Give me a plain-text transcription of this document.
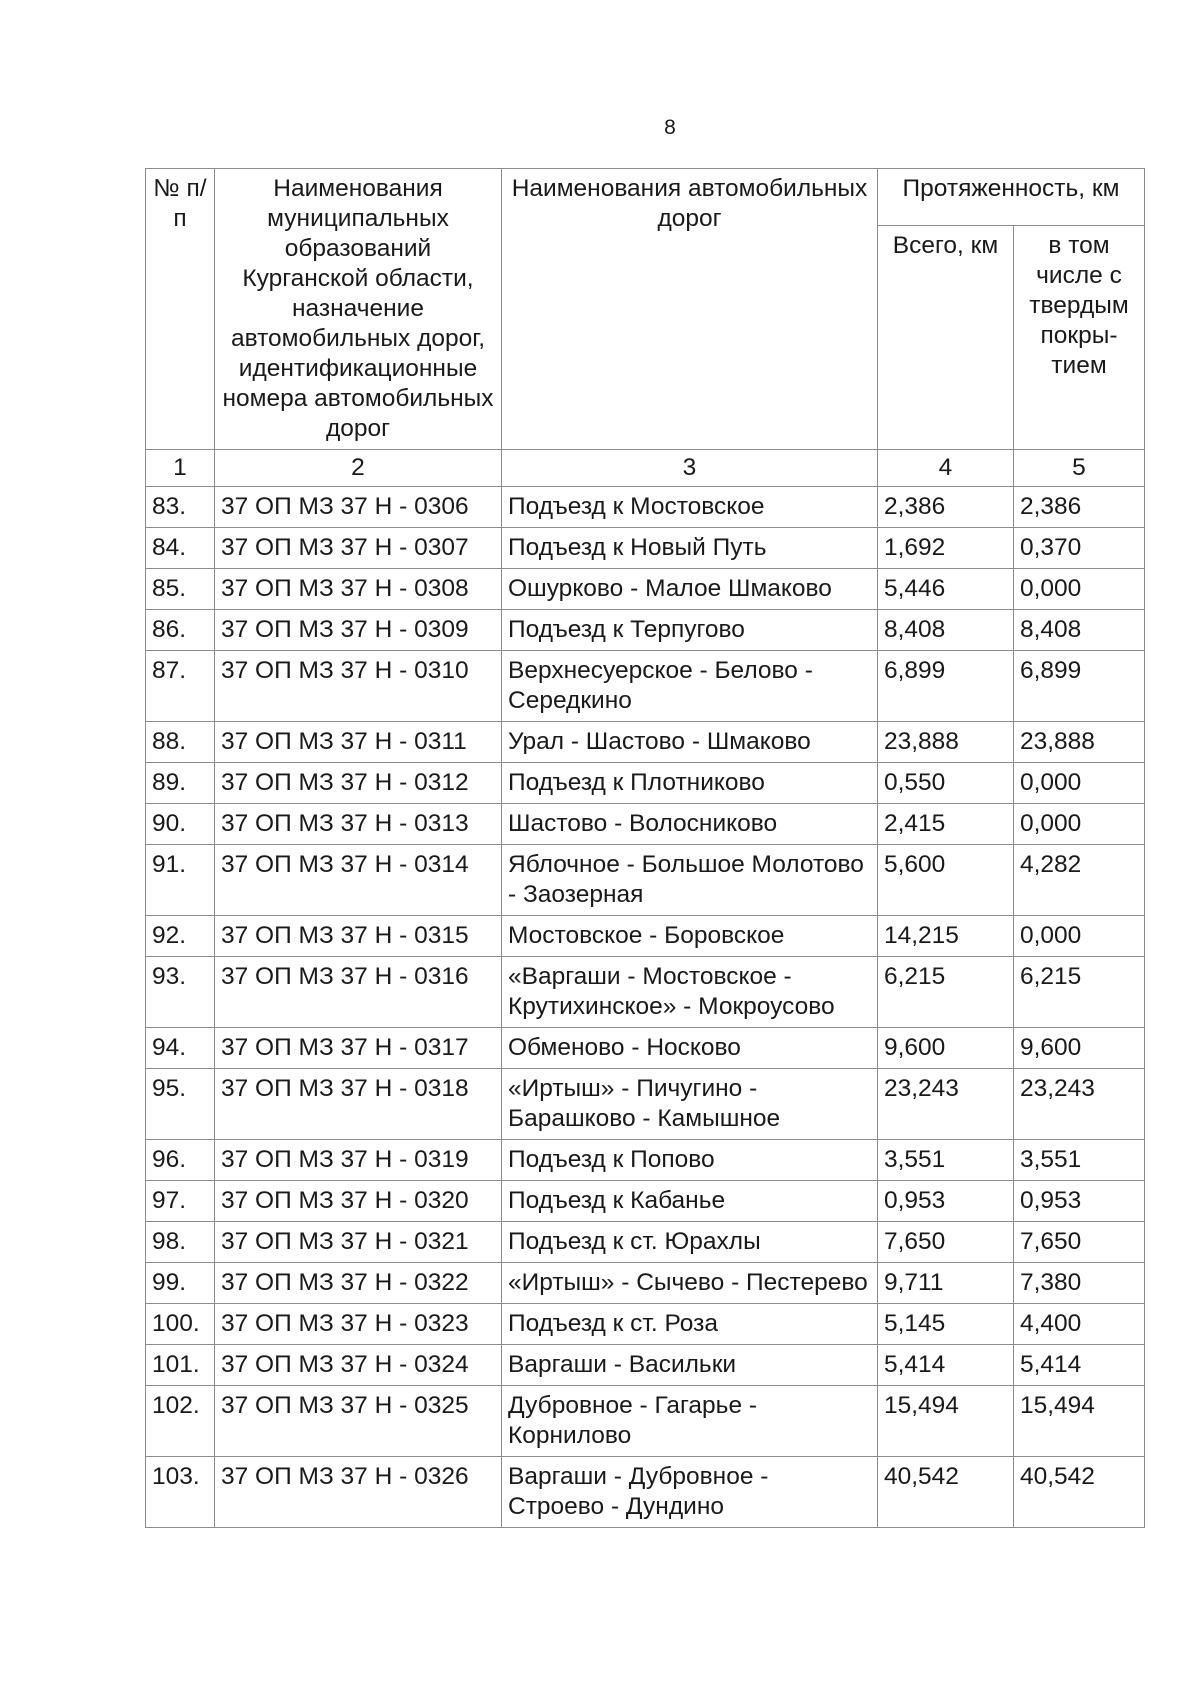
8
№ п/п	Наименования муниципальных образований Курганской области, назначение автомобильных дорог, идентификационные номера автомобильных дорог	Наименования автомобильных дорог	Протяженность, км	
			Всего, км	в том числе с твердым покры-тием
1	2	3	4	5
83.	37 ОП МЗ 37 Н - 0306	Подъезд к Мостовское	2,386	2,386
84.	37 ОП МЗ 37 Н - 0307	Подъезд к Новый Путь	1,692	0,370
85.	37 ОП МЗ 37 Н - 0308	Ошурково - Малое Шмаково	5,446	0,000
86.	37 ОП МЗ 37 Н - 0309	Подъезд к Терпугово	8,408	8,408
87.	37 ОП МЗ 37 Н - 0310	Верхнесуерское - Белово - Середкино	6,899	6,899
88.	37 ОП МЗ 37 Н - 0311	Урал - Шастово - Шмаково	23,888	23,888
89.	37 ОП МЗ 37 Н - 0312	Подъезд к Плотниково	0,550	0,000
90.	37 ОП МЗ 37 Н - 0313	Шастово - Волосниково	2,415	0,000
91.	37 ОП МЗ 37 Н - 0314	Яблочное - Большое Молотово - Заозерная	5,600	4,282
92.	37 ОП МЗ 37 Н - 0315	Мостовское - Боровское	14,215	0,000
93.	37 ОП МЗ 37 Н - 0316	«Варгаши - Мостовское - Крутихинское» - Мокроусово	6,215	6,215
94.	37 ОП МЗ 37 Н - 0317	Обменово - Носково	9,600	9,600
95.	37 ОП МЗ 37 Н - 0318	«Иртыш» - Пичугино - Барашково - Камышное	23,243	23,243
96.	37 ОП МЗ 37 Н - 0319	Подъезд к Попово	3,551	3,551
97.	37 ОП МЗ 37 Н - 0320	Подъезд к Кабанье	0,953	0,953
98.	37 ОП МЗ 37 Н - 0321	Подъезд к ст. Юрахлы	7,650	7,650
99.	37 ОП МЗ 37 Н - 0322	«Иртыш» - Сычево - Пестерево	9,711	7,380
100.	37 ОП МЗ 37 Н - 0323	Подъезд к ст. Роза	5,145	4,400
101.	37 ОП МЗ 37 Н - 0324	Варгаши - Васильки	5,414	5,414
102.	37 ОП МЗ 37 Н - 0325	Дубровное - Гагарье - Корнилово	15,494	15,494
103.	37 ОП МЗ 37 Н - 0326	Варгаши - Дубровное - Строево - Дундино	40,542	40,542
